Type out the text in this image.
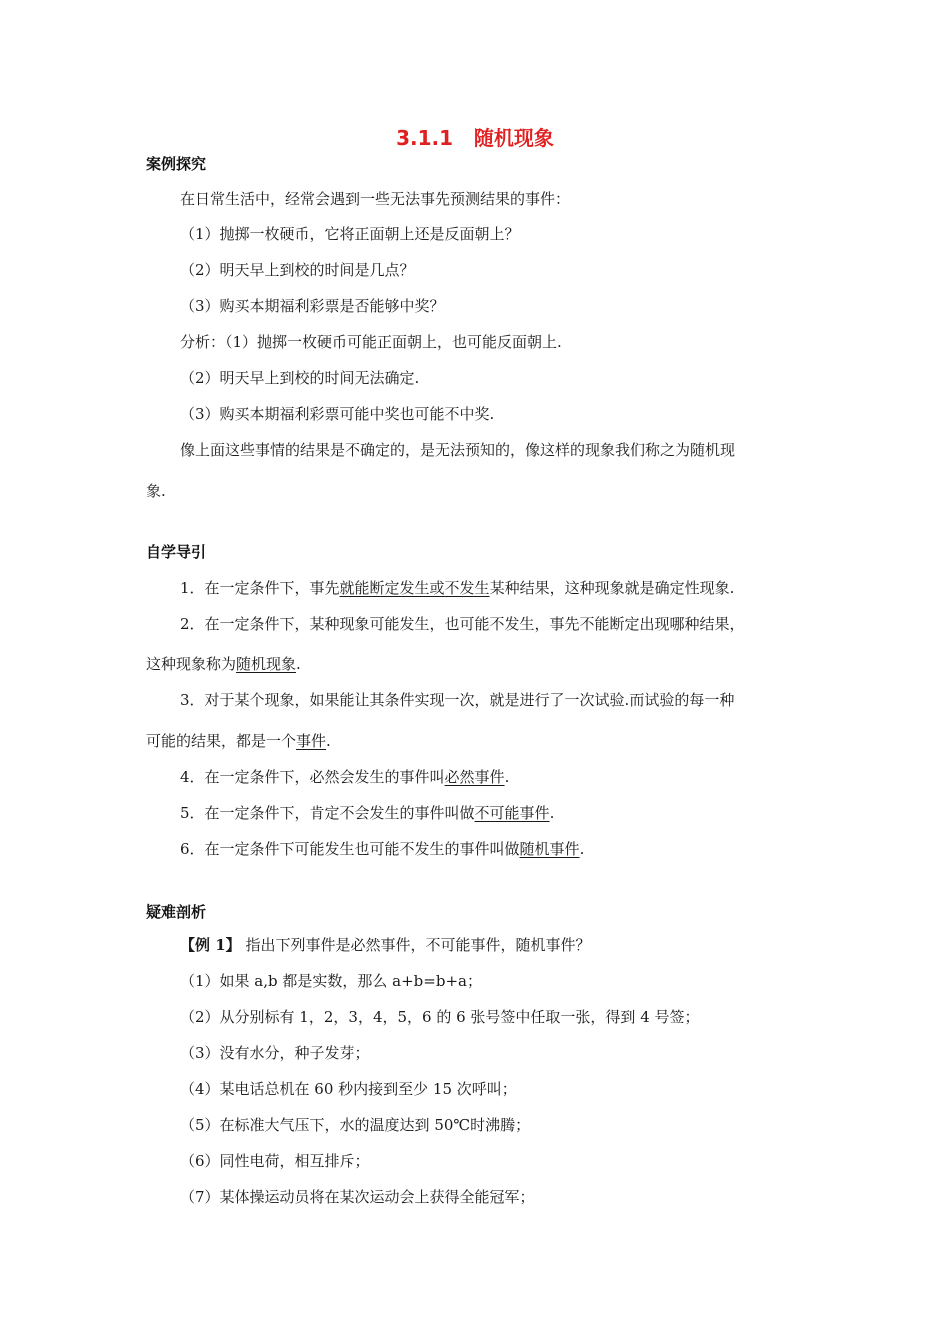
3.1.1   随机现象
案例探究
在日常生活中，经常会遇到一些无法事先预测结果的事件：
（1）抛掷一枚硬币，它将正面朝上还是反面朝上？
（2）明天早上到校的时间是几点？
（3）购买本期福利彩票是否能够中奖？
分析：（1）抛掷一枚硬币可能正面朝上，也可能反面朝上.
（2）明天早上到校的时间无法确定.
（3）购买本期福利彩票可能中奖也可能不中奖.
像上面这些事情的结果是不确定的，是无法预知的，像这样的现象我们称之为随机现
象.
自学导引
1．在一定条件下，事先就能断定发生或不发生某种结果，这种现象就是确定性现象.
2．在一定条件下，某种现象可能发生，也可能不发生，事先不能断定出现哪种结果，
这种现象称为随机现象.
3．对于某个现象，如果能让其条件实现一次，就是进行了一次试验.而试验的每一种
可能的结果，都是一个事件.
4．在一定条件下，必然会发生的事件叫必然事件.
5．在一定条件下，肯定不会发生的事件叫做不可能事件.
6．在一定条件下可能发生也可能不发生的事件叫做随机事件.
疑难剖析
【例 1】 指出下列事件是必然事件，不可能事件，随机事件？
（1）如果 a,b 都是实数，那么 a+b=b+a；
（2）从分别标有 1，2，3，4，5，6 的 6 张号签中任取一张，得到 4 号签；
（3）没有水分，种子发芽；
（4）某电话总机在 60 秒内接到至少 15 次呼叫；
（5）在标准大气压下，水的温度达到 50℃时沸腾；
（6）同性电荷，相互排斥；
（7）某体操运动员将在某次运动会上获得全能冠军；
